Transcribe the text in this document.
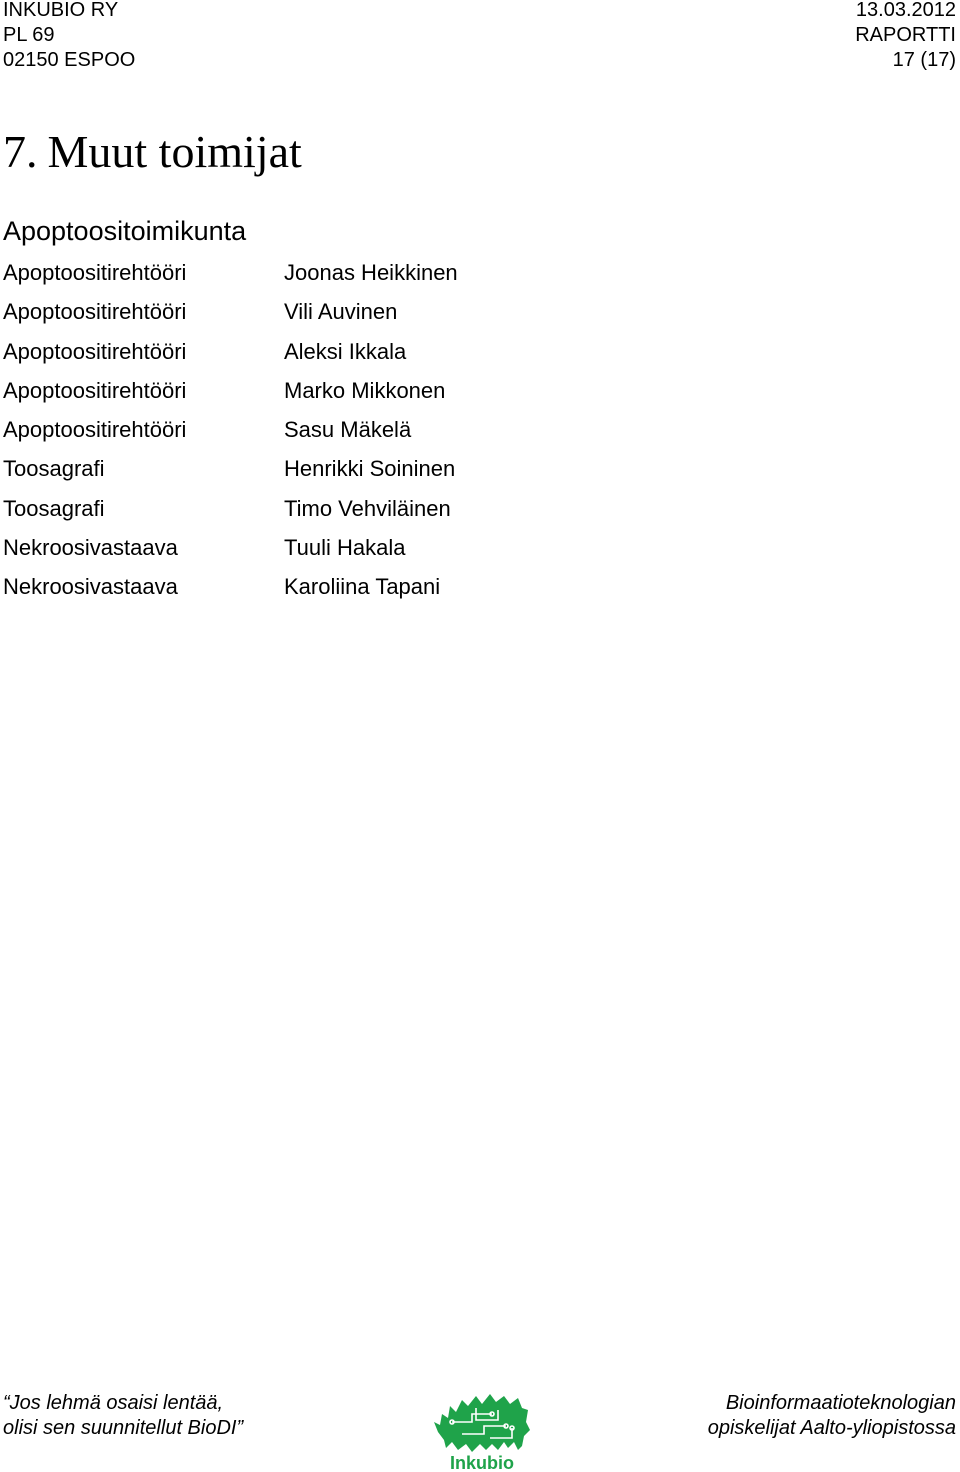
INKUBIO RY
PL 69
02150 ESPOO
13.03.2012
RAPORTTI
17 (17)
7. Muut toimijat
Apoptoositoimikunta
Apoptoositirehtööri	Joonas Heikkinen
Apoptoositirehtööri	Vili Auvinen
Apoptoositirehtööri	Aleksi Ikkala
Apoptoositirehtööri	Marko Mikkonen
Apoptoositirehtööri	Sasu Mäkelä
Toosagrafi	Henrikki Soininen
Toosagrafi	Timo Vehviläinen
Nekroosivastaava	Tuuli Hakala
Nekroosivastaava	Karoliina Tapani
“Jos lehmä osaisi lentää,
olisi sen suunnitellut BioDI”
Inkubio
Bioinformaatioteknologian
opiskelijat Aalto-yliopistossa
